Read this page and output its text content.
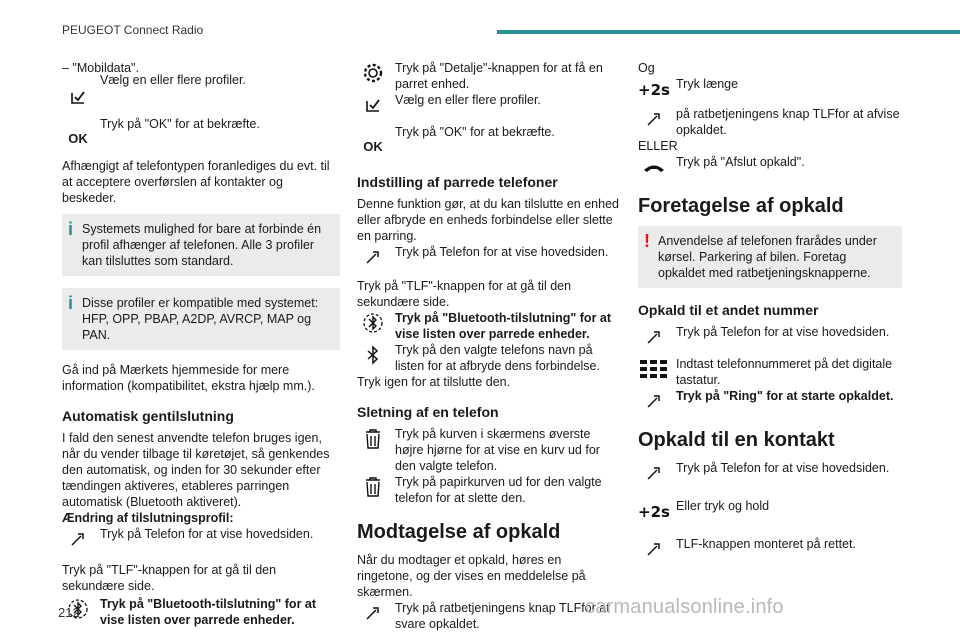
PEUGEOT Connect Radio
– "Mobildata".
Vælg en eller flere profiler.
OK
Tryk på "OK" for at bekræfte.
Afhængigt af telefontypen foranlediges du evt. til at acceptere overførslen af kontakter og beskeder.
i Systemets mulighed for bare at forbinde én profil afhænger af telefonen. Alle 3 profiler kan tilsluttes som standard.
i Disse profiler er kompatible med systemet: HFP, OPP, PBAP, A2DP, AVRCP, MAP og PAN.
Gå ind på Mærkets hjemmeside for mere information (kompatibilitet, ekstra hjælp mm.).
Automatisk gentilslutning
I fald den senest anvendte telefon bruges igen, når du vender tilbage til køretøjet, så genkendes den automatisk, og inden for 30 sekunder efter tændingen aktiveres, etableres parringen automatisk (Bluetooth aktiveret).
Ændring af tilslutningsprofil:
Tryk på Telefon for at vise hovedsiden.
Tryk på "TLF"-knappen for at gå til den sekundære side.
Tryk på "Bluetooth-tilslutning" for at vise listen over parrede enheder.
Tryk på "Detalje"-knappen for at få en parret enhed.
Vælg en eller flere profiler.
OK
Tryk på "OK" for at bekræfte.
Indstilling af parrede telefoner
Denne funktion gør, at du kan tilslutte en enhed eller afbryde en enheds forbindelse eller slette en parring.
Tryk på Telefon for at vise hovedsiden.
Tryk på "TLF"-knappen for at gå til den sekundære side.
Tryk på "Bluetooth-tilslutning" for at vise listen over parrede enheder.
Tryk på den valgte telefons navn på listen for at afbryde dens forbindelse.
Tryk igen for at tilslutte den.
Sletning af en telefon
Tryk på kurven i skærmens øverste højre hjørne for at vise en kurv ud for den valgte telefon.
Tryk på papirkurven ud for den valgte telefon for at slette den.
Modtagelse af opkald
Når du modtager et opkald, høres en ringetone, og der vises en meddelelse på skærmen.
Tryk på ratbetjeningens knap TLFfor at svare opkaldet.
Og
+2s Tryk længe
på ratbetjeningens knap TLFfor at afvise opkaldet.
ELLER
Tryk på "Afslut opkald".
Foretagelse af opkald
! Anvendelse af telefonen frarådes under kørsel. Parkering af bilen. Foretag opkaldet med ratbetjeningsknapperne.
Opkald til et andet nummer
Tryk på Telefon for at vise hovedsiden.
Indtast telefonnummeret på det digitale tastatur.
Tryk på "Ring" for at starte opkaldet.
Opkald til en kontakt
Tryk på Telefon for at vise hovedsiden.
+2s Eller tryk og hold
TLF-knappen monteret på rettet.
212	carmanualsonline.info
